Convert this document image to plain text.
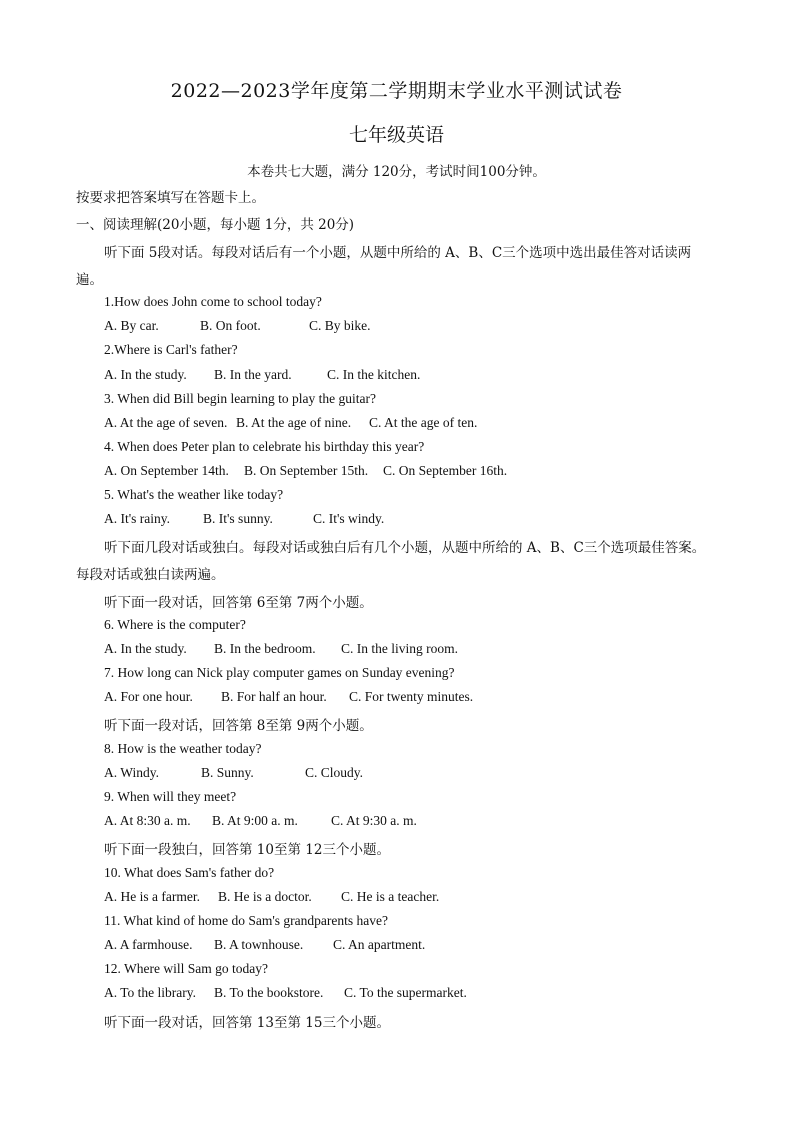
2022—2023学年度第二学期期末学业水平测试试卷
七年级英语
本卷共七大题，满分 120分，考试时间100分钟。
按要求把答案填写在答题卡上。
一、阅读理解(20小题，每小题 1分，共 20分)
听下面 5段对话。每段对话后有一个小题，从题中所给的 A、B、C三个选项中选出最佳答对话读两
遍。
1.How does John come to school today?
A. By car.	B. On foot.	C. By bike.
2.Where is Carl's father?
A. In the study. B. In the yard.	C. In the kitchen.
3. When did Bill begin learning to play the guitar?
A. At the age of seven. B. At the age of nine. C. At the age of ten.
4. When does Peter plan to celebrate his birthday this year?
A. On September 14th. B. On September 15th. C. On September 16th.
5. What's the weather like today?
A. It's rainy. B. It's sunny.	C. It's windy.
听下面几段对话或独白。每段对话或独白后有几个小题，从题中所给的 A、B、C三个选项最佳答案。
每段对话或独白读两遍。
听下面一段对话，回答第 6至第 7两个小题。
6. Where is the computer?
A. In the study. B. In the bedroom. C. In the living room.
7. How long can Nick play computer games on Sunday evening?
A. For one hour. B. For half an hour. C. For twenty minutes.
听下面一段对话，回答第 8至第 9两个小题。
8. How is the weather today?
A. Windy.	B. Sunny.	C. Cloudy.
9. When will they meet?
A. At 8:30 a. m. B. At 9:00 a. m. C. At 9:30 a. m.
听下面一段独白，回答第 10至第 12三个小题。
10. What does Sam's father do?
A. He is a farmer. B. He is a doctor. C. He is a teacher.
11. What kind of home do Sam's grandparents have?
A. A farmhouse. B. A townhouse. C. An apartment.
12. Where will Sam go today?
A. To the library. B. To the bookstore. C. To the supermarket.
听下面一段对话，回答第 13至第 15三个小题。
